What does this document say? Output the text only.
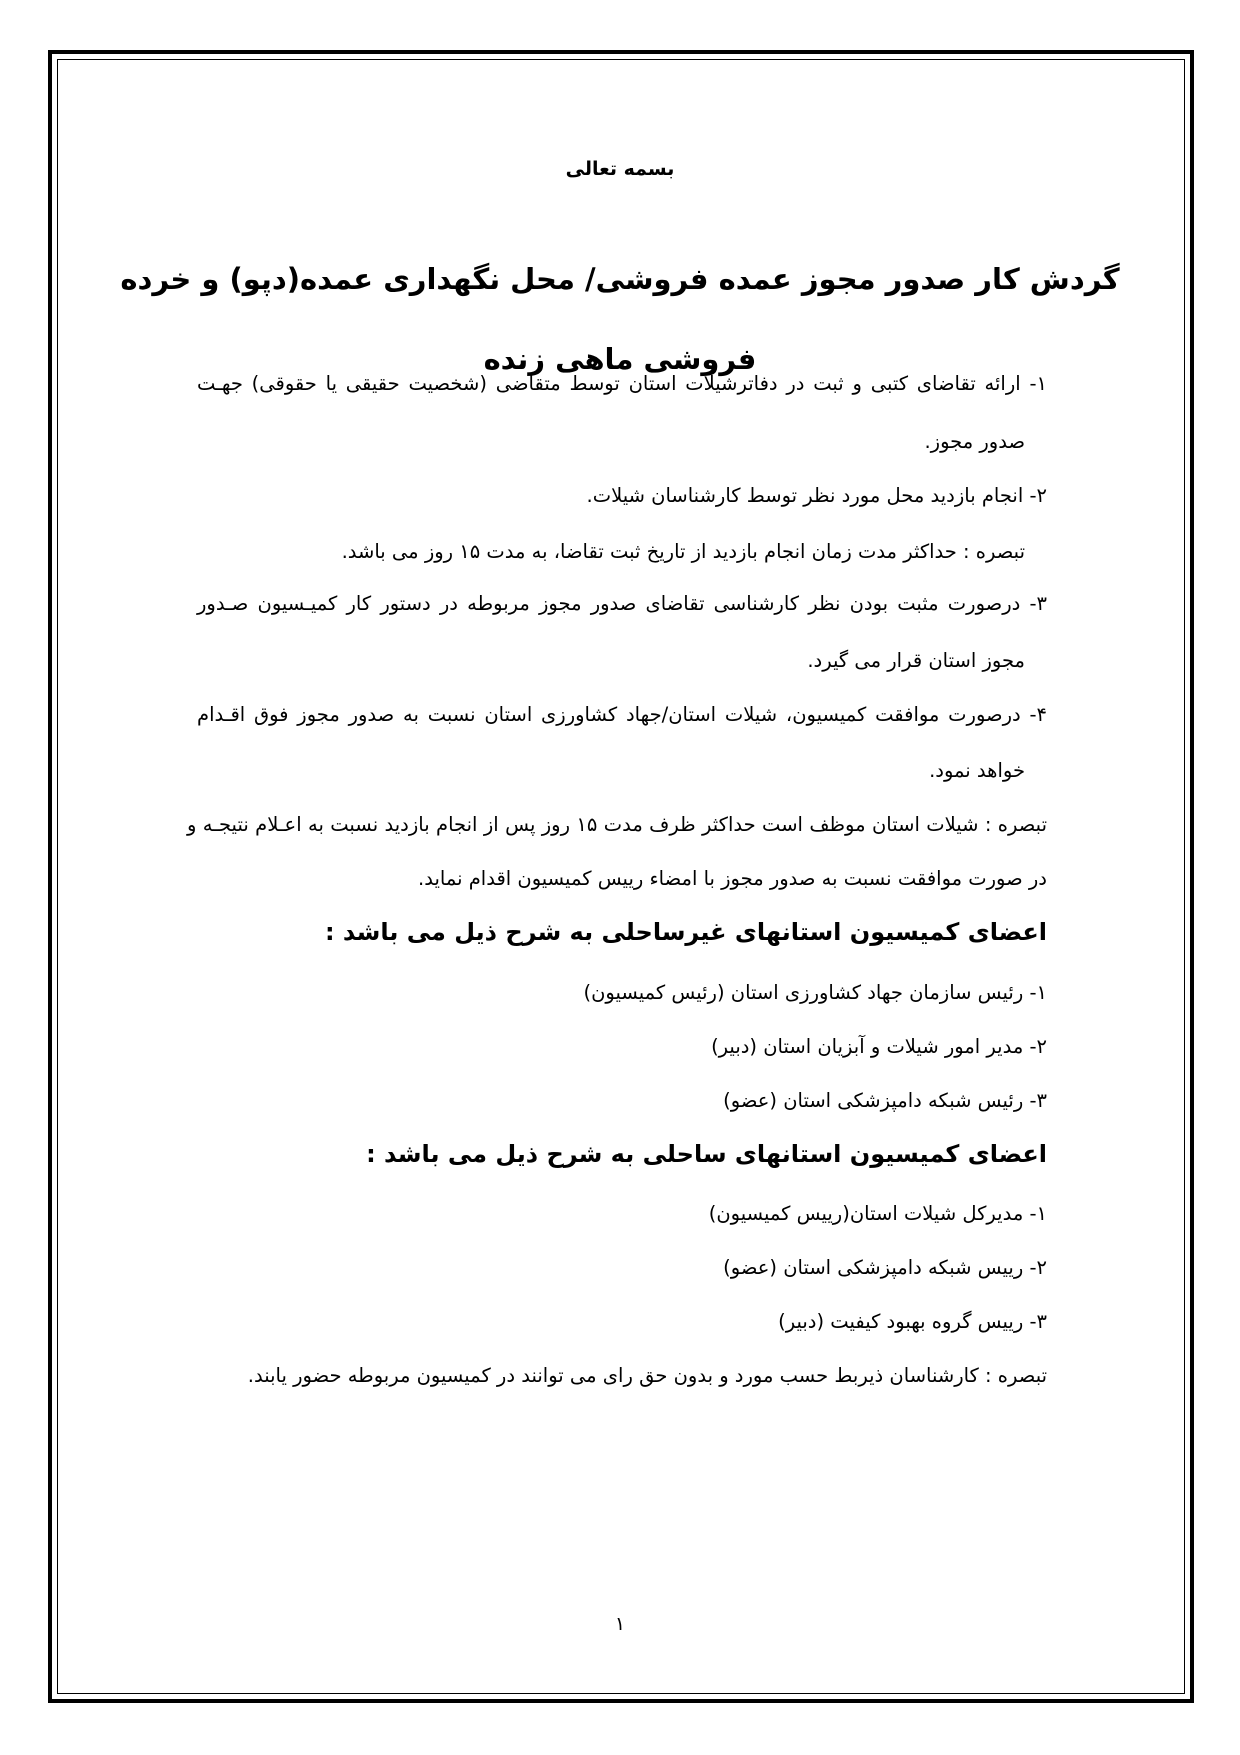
بسمه تعالی
گردش کار صدور مجوز عمده فروشی/ محل نگهداری عمده(دپو) و خرده
فروشی ماهی زنده
۱- ارائه تقاضای کتبی و ثبت در دفاترشیلات استان توسط متقاضی (شخصیت حقیقی یا حقوقی) جهـت
صدور مجوز.
۲- انجام بازدید محل مورد نظر توسط کارشناسان شیلات.
تبصره : حداکثر مدت زمان انجام بازدید از تاریخ ثبت تقاضا، به مدت ۱۵ روز می باشد.
۳- درصورت مثبت بودن نظر کارشناسی تقاضای صدور مجوز مربوطه در دستور کار کمیـسیون صـدور
مجوز استان قرار می گیرد.
۴- درصورت موافقت کمیسیون، شیلات استان/جهاد کشاورزی استان نسبت به صدور مجوز فوق اقـدام
خواهد نمود.
تبصره : شیلات استان موظف است حداکثر ظرف مدت ۱۵ روز پس از انجام بازدید نسبت به اعـلام نتیجـه و
در صورت موافقت نسبت به صدور مجوز با امضاء رییس کمیسیون اقدام نماید.
اعضای کمیسیون استانهای غیرساحلی به شرح ذیل می باشد :
۱- رئیس سازمان جهاد کشاورزی استان (رئیس کمیسیون)
۲- مدیر امور شیلات و آبزیان استان (دبیر)
۳- رئیس شبکه دامپزشکی استان (عضو)
اعضای کمیسیون استانهای ساحلی به شرح ذیل می باشد :
۱- مدیرکل شیلات استان(رییس کمیسیون)
۲- رییس شبکه دامپزشکی استان (عضو)
۳- رییس گروه بهبود کیفیت (دبیر)
تبصره : کارشناسان ذیربط حسب مورد و بدون حق رای می توانند در کمیسیون مربوطه حضور یابند.
۱
